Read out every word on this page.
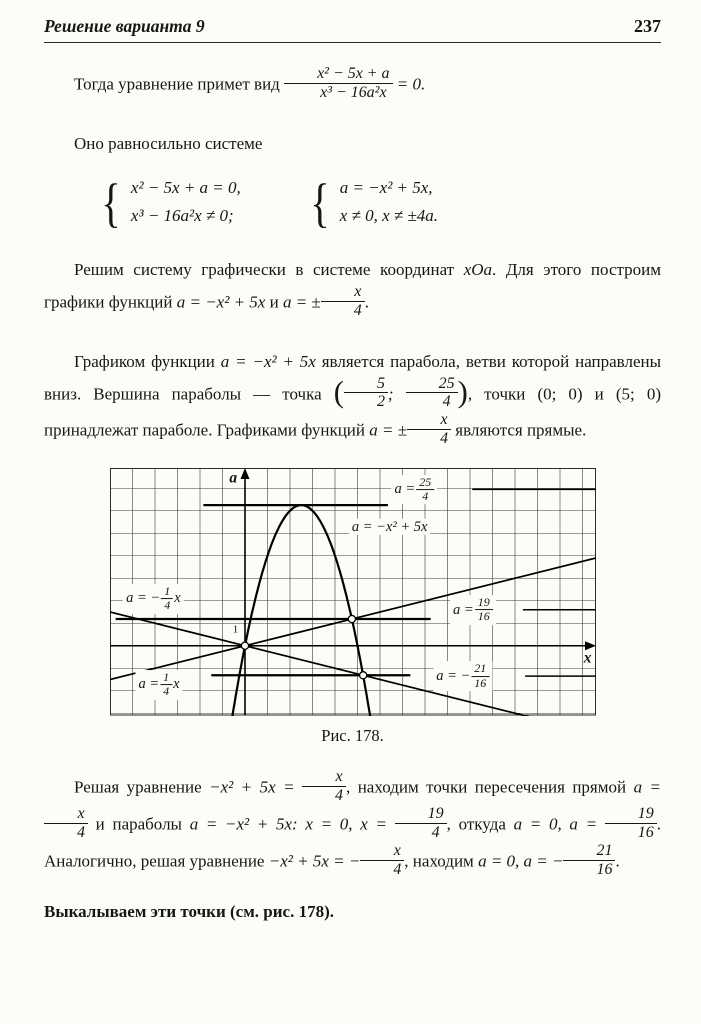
Решение варианта 9	237

Тогда уравнение примет вид $\frac{\text{x² − 5x + a}}{\text{x³ − 16a²x}} = 0$.

Оно равносильно системе

{ x² − 5x + a = 0,
x³ − 16a²x ≠ 0; { a = −x² + 5x,
x ≠ 0, x ≠ ±4a.

Решим систему графически в системе координат xOa. Для этого построим графики функций a = −x² + 5x и a = ± $\frac{x}{4}$ .

Графиком функции a = −x² + 5x является парабола, ветви которой направлены вниз. Вершина параболы — точка ( $\frac{5}{2}$ ; $\frac{25}{4}$ ), точки (0; 0) и (5; 0) принадлежат параболе. Графиками функций a = ± $\frac{x}{4}$ являются прямые.

a
x
1
$a = \frac{25}{4}$
a = −x² + 5x
a = − $\frac{1}{4}$ x
$a = \frac{1}{4}$ x
$a = \frac{19}{16}$
a = − $\frac{21}{16}$
Рис. 178.

Решая уравнение $-x^2 + 5x = \frac{x}{4}$ , находим точки пересечения прямой a =
$\frac{x}{4}$ и параболы a = −x² + 5x: x = 0, $x = \frac{19}{4}$ , откуда a = 0, $a = \frac{19}{16}$ . Аналогично, решая уравнение −x² + 5x = − $\frac{x}{4}$ , находим a = 0, a = − $\frac{21}{16}$ .

Выкалываем эти точки (см. рис. 178).
